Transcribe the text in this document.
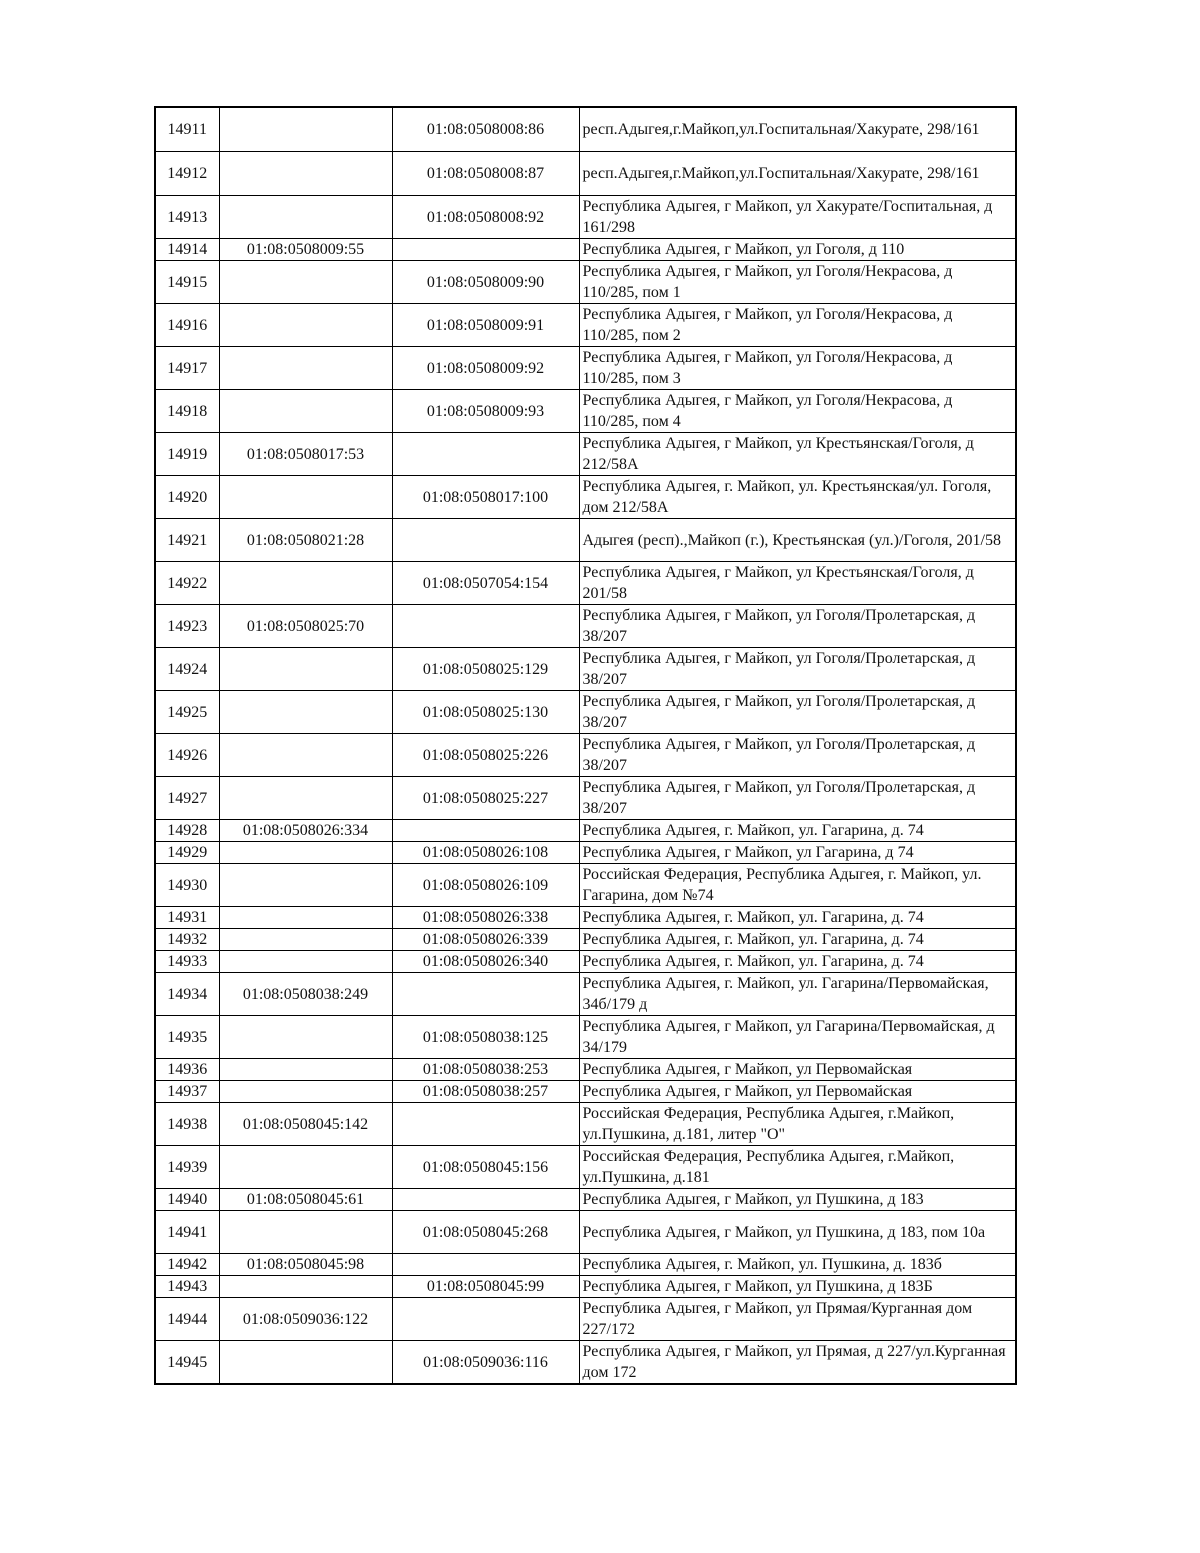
14911		01:08:0508008:86	респ.Адыгея,г.Майкоп,ул.Госпитальная/Хакурате, 298/161
14912		01:08:0508008:87	респ.Адыгея,г.Майкоп,ул.Госпитальная/Хакурате, 298/161
14913		01:08:0508008:92	Республика Адыгея, г Майкоп, ул Хакурате/Госпитальная, д 161/298
14914	01:08:0508009:55		Республика Адыгея, г Майкоп, ул Гоголя, д 110
14915		01:08:0508009:90	Республика Адыгея, г Майкоп, ул Гоголя/Некрасова, д 110/285, пом 1
14916		01:08:0508009:91	Республика Адыгея, г Майкоп, ул Гоголя/Некрасова, д 110/285, пом 2
14917		01:08:0508009:92	Республика Адыгея, г Майкоп, ул Гоголя/Некрасова, д 110/285, пом 3
14918		01:08:0508009:93	Республика Адыгея, г Майкоп, ул Гоголя/Некрасова, д 110/285, пом 4
14919	01:08:0508017:53		Республика Адыгея, г Майкоп, ул Крестьянская/Гоголя, д 212/58А
14920		01:08:0508017:100	Республика Адыгея, г. Майкоп, ул. Крестьянская/ул. Гоголя, дом 212/58А
14921	01:08:0508021:28		Адыгея (респ).,Майкоп (г.), Крестьянская (ул.)/Гоголя, 201/58
14922		01:08:0507054:154	Республика Адыгея, г Майкоп, ул Крестьянская/Гоголя, д 201/58
14923	01:08:0508025:70		Республика Адыгея, г Майкоп, ул Гоголя/Пролетарская, д 38/207
14924		01:08:0508025:129	Республика Адыгея, г Майкоп, ул Гоголя/Пролетарская, д 38/207
14925		01:08:0508025:130	Республика Адыгея, г Майкоп, ул Гоголя/Пролетарская, д 38/207
14926		01:08:0508025:226	Республика Адыгея, г Майкоп, ул Гоголя/Пролетарская, д 38/207
14927		01:08:0508025:227	Республика Адыгея, г Майкоп, ул Гоголя/Пролетарская, д 38/207
14928	01:08:0508026:334		Республика Адыгея, г. Майкоп, ул. Гагарина, д. 74
14929		01:08:0508026:108	Республика Адыгея, г Майкоп, ул Гагарина, д 74
14930		01:08:0508026:109	Российская Федерация, Республика Адыгея, г. Майкоп, ул. Гагарина, дом №74
14931		01:08:0508026:338	Республика Адыгея, г. Майкоп, ул. Гагарина, д. 74
14932		01:08:0508026:339	Республика Адыгея, г. Майкоп, ул. Гагарина, д. 74
14933		01:08:0508026:340	Республика Адыгея, г. Майкоп, ул. Гагарина, д. 74
14934	01:08:0508038:249		Республика Адыгея, г. Майкоп, ул. Гагарина/Первомайская, 34б/179 д
14935		01:08:0508038:125	Республика Адыгея, г Майкоп, ул Гагарина/Первомайская, д 34/179
14936		01:08:0508038:253	Республика Адыгея, г Майкоп, ул Первомайская
14937		01:08:0508038:257	Республика Адыгея, г Майкоп, ул Первомайская
14938	01:08:0508045:142		Российская Федерация, Республика Адыгея, г.Майкоп, ул.Пушкина, д.181, литер "О"
14939		01:08:0508045:156	Российская Федерация, Республика Адыгея, г.Майкоп, ул.Пушкина, д.181
14940	01:08:0508045:61		Республика Адыгея, г Майкоп, ул Пушкина, д 183
14941		01:08:0508045:268	Республика Адыгея, г Майкоп, ул Пушкина, д 183, пом 10а
14942	01:08:0508045:98		Республика Адыгея, г. Майкоп, ул. Пушкина, д. 183б
14943		01:08:0508045:99	Республика Адыгея, г Майкоп, ул Пушкина, д 183Б
14944	01:08:0509036:122		Республика Адыгея, г Майкоп, ул Прямая/Курганная дом 227/172
14945		01:08:0509036:116	Республика Адыгея, г Майкоп, ул Прямая, д 227/ул.Курганная дом 172
